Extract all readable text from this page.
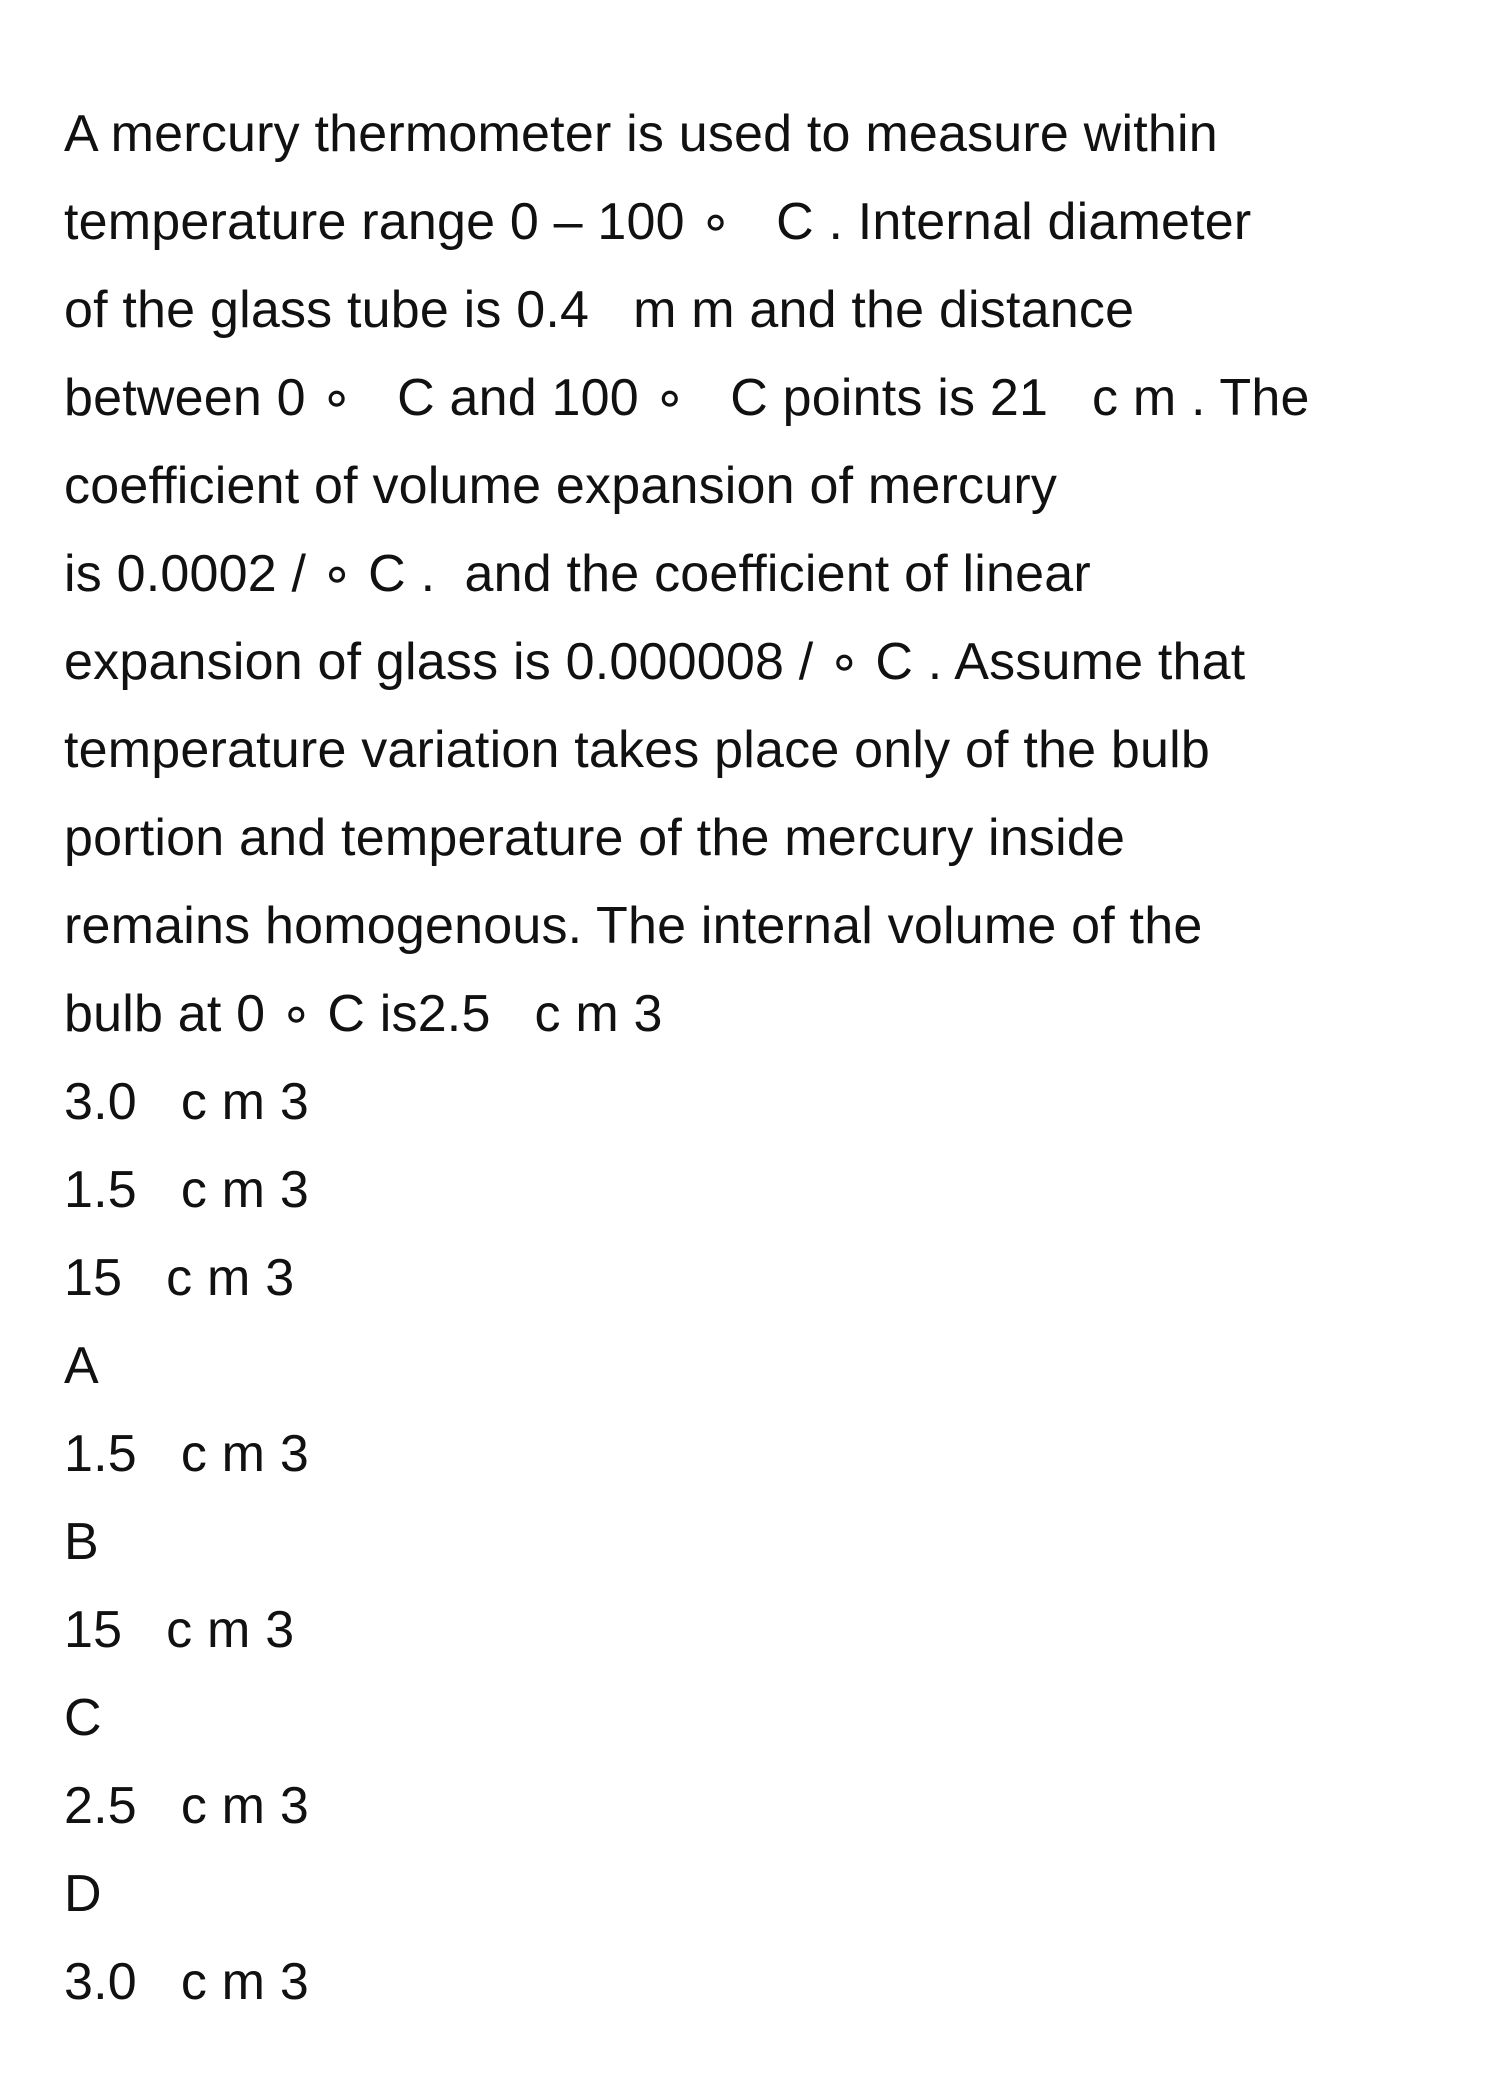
A mercury thermometer is used to measure within
temperature range 0 – 100 ∘   C . Internal diameter
of the glass tube is 0.4   m m and the distance
between 0 ∘   C and 100 ∘   C points is 21   c m . The
coefficient of volume expansion of mercury
is 0.0002 / ∘ C .  and the coefficient of linear
expansion of glass is 0.000008 / ∘ C . Assume that
temperature variation takes place only of the bulb
portion and temperature of the mercury inside
remains homogenous. The internal volume of the
bulb at 0 ∘ C is2.5   c m 3
3.0   c m 3
1.5   c m 3
15   c m 3
A
1.5   c m 3
B
15   c m 3
C
2.5   c m 3
D
3.0   c m 3
